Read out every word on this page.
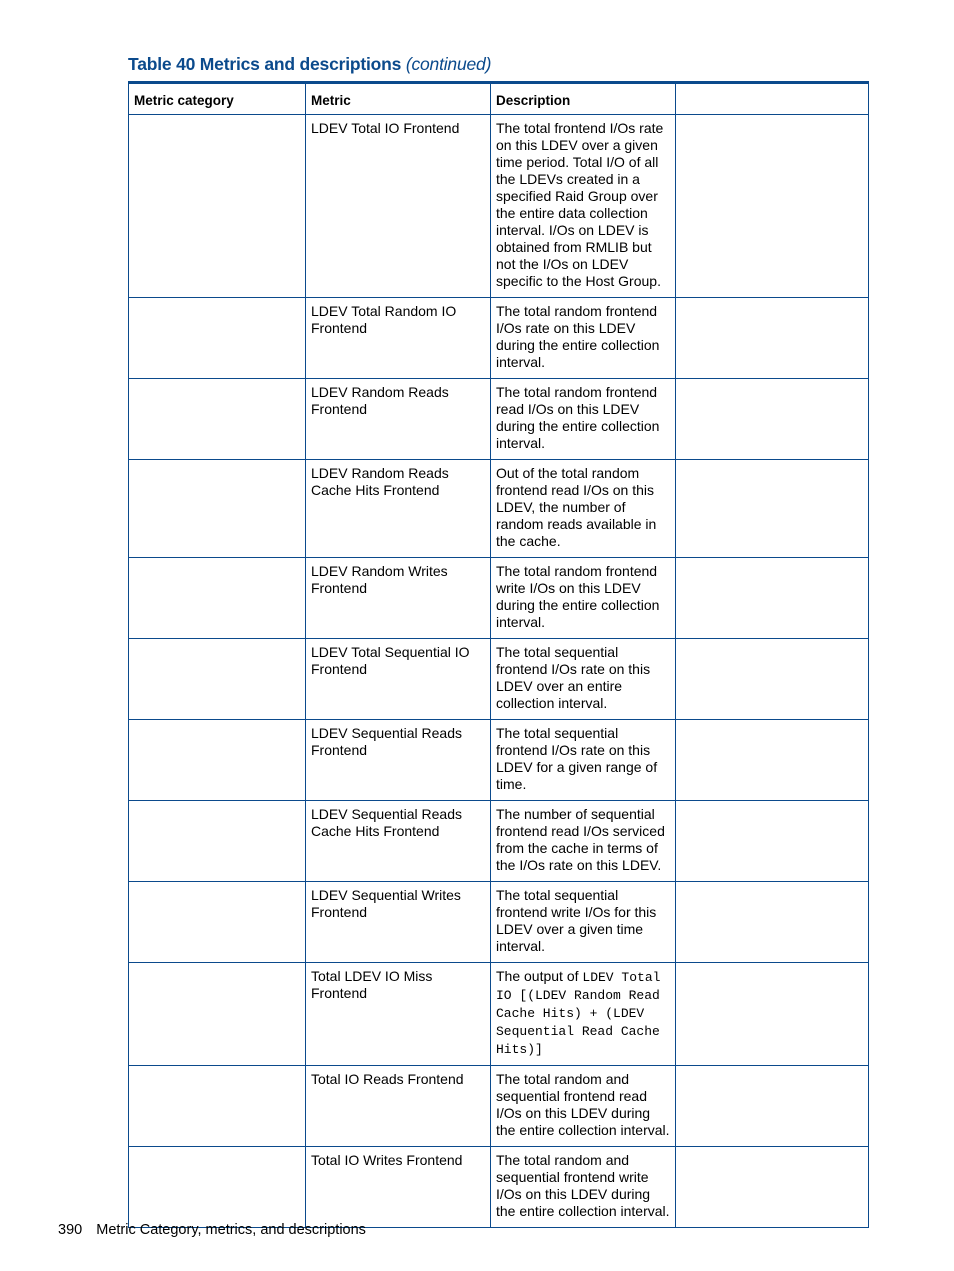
Table 40 Metrics and descriptions (continued)
Metric category	Metric	Description	
	LDEV Total IO Frontend	The total frontend I/Os rate on this LDEV over a given time period. Total I/O of all the LDEVs created in a specified Raid Group over the entire data collection interval. I/Os on LDEV is obtained from RMLIB but not the I/Os on LDEV specific to the Host Group.	
	LDEV Total Random IO Frontend	The total random frontend I/Os rate on this LDEV during the entire collection interval.	
	LDEV Random Reads Frontend	The total random frontend read I/Os on this LDEV during the entire collection interval.	
	LDEV Random Reads Cache Hits Frontend	Out of the total random frontend read I/Os on this LDEV, the number of random reads available in the cache.	
	LDEV Random Writes Frontend	The total random frontend write I/Os on this LDEV during the entire collection interval.	
	LDEV Total Sequential IO Frontend	The total sequential frontend I/Os rate on this LDEV over an entire collection interval.	
	LDEV Sequential Reads Frontend	The total sequential frontend I/Os rate on this LDEV for a given range of time.	
	LDEV Sequential Reads Cache Hits Frontend	The number of sequential frontend read I/Os serviced from the cache in terms of the I/Os rate on this LDEV.	
	LDEV Sequential Writes Frontend	The total sequential frontend write I/Os for this LDEV over a given time interval.	
	Total LDEV IO Miss Frontend	The output of LDEV Total IO [(LDEV Random Read Cache Hits) + (LDEV Sequential Read Cache Hits)]	
	Total IO Reads Frontend	The total random and sequential frontend read I/Os on this LDEV during the entire collection interval.	
	Total IO Writes Frontend	The total random and sequential frontend write I/Os on this LDEV during the entire collection interval.	
390 Metric Category, metrics, and descriptions
